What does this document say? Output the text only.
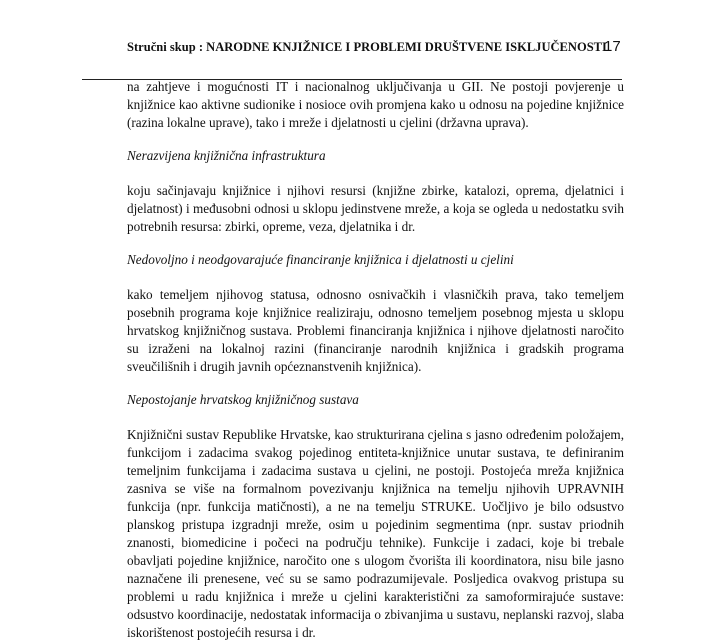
Stručni skup : NARODNE KNJIŽNICE I PROBLEMI DRUŠTVENE ISKLJUČENOSTI
17

na zahtjeve i mogućnosti IT i nacionalnog uključivanja u GII. Ne postoji povjerenje u knjižnice kao aktivne sudionike i nosioce ovih promjena kako u odnosu na pojedine knjižnice (razina lokalne uprave), tako i mreže i djelatnosti u cjelini (državna uprava).

Nerazvijena knjižnična infrastruktura

koju sačinjavaju knjižnice i njihovi resursi (knjižne zbirke, katalozi, oprema, djelatnici i djelatnost) i međusobni odnosi u sklopu jedinstvene mreže, a koja se ogleda u nedostatku svih potrebnih resursa: zbirki, opreme, veza, djelatnika i dr.

Nedovoljno i neodgovarajuće financiranje knjižnica i djelatnosti u cjelini

kako temeljem njihovog statusa, odnosno osnivačkih i vlasničkih prava, tako temeljem posebnih programa koje knjižnice realiziraju, odnosno temeljem posebnog mjesta u sklopu hrvatskog knjižničnog sustava. Problemi financiranja knjižnica i njihove djelatnosti naročito su izraženi na lokalnoj razini (financiranje narodnih knjižnica i gradskih programa sveučilišnih i drugih javnih općeznanstvenih knjižnica).

Nepostojanje hrvatskog knjižničnog sustava

Knjižnični sustav Republike Hrvatske, kao strukturirana cjelina s jasno određenim položajem, funkcijom i zadacima svakog pojedinog entiteta-knjižnice unutar sustava, te definiranim temeljnim funkcijama i zadacima sustava u cjelini, ne postoji. Postojeća mreža knjižnica zasniva se više na formalnom povezivanju knjižnica na temelju njihovih UPRAVNIH funkcija (npr. funkcija matičnosti), a ne na temelju STRUKE. Uočljivo je bilo odsustvo planskog pristupa izgradnji mreže, osim u pojedinim segmentima (npr. sustav priodnih znanosti, biomedicine i počeci na području tehnike). Funkcije i zadaci, koje bi trebale obavljati pojedine knjižnice, naročito one s ulogom čvorišta ili koordinatora, nisu bile jasno naznačene ili prenesene, već su se samo podrazumijevale. Posljedica ovakvog pristupa su problemi u radu knjižnica i mreže u cjelini karakteristični za samoformirajuće sustave: odsustvo koordinacije, nedostatak informacija o zbivanjima u sustavu, neplanski razvoj, slaba iskorištenost postojećih resursa i dr.
